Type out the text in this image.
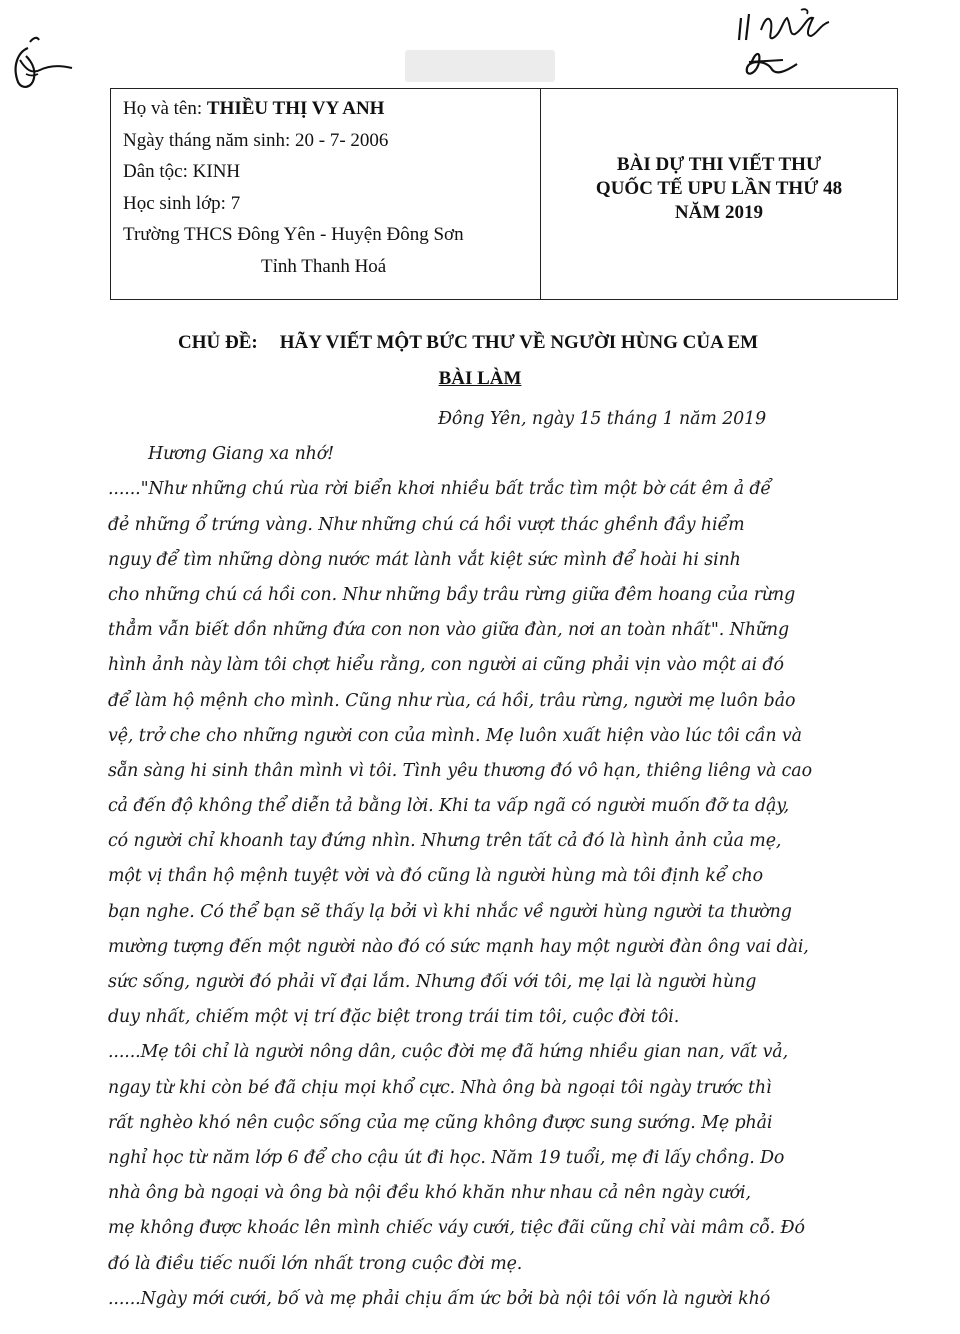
Họ và tên: THIỀU THỊ VY ANH
Ngày tháng năm sinh: 20 - 7- 2006
Dân tộc: KINH
Học sinh lớp: 7
Trường THCS Đông Yên - Huyện Đông Sơn
Tỉnh Thanh Hoá
BÀI DỰ THI VIẾT THƯ
QUỐC TẾ UPU LẦN THỨ 48
NĂM 2019
CHỦ ĐỀ: HÃY VIẾT MỘT BỨC THƯ VỀ NGƯỜI HÙNG CỦA EM
BÀI LÀM
Đông Yên, ngày 15 tháng 1 năm 2019
Hương Giang xa nhớ!
......"Như những chú rùa rời biển khơi nhiều bất trắc tìm một bờ cát êm ả để
đẻ những ổ trứng vàng. Như những chú cá hồi vượt thác ghềnh đầy hiểm
nguy để tìm những dòng nước mát lành vắt kiệt sức mình để hoài hi sinh
cho những chú cá hồi con. Như những bầy trâu rừng giữa đêm hoang của rừng
thẳm vẫn biết dồn những đứa con non vào giữa đàn, nơi an toàn nhất". Những
hình ảnh này làm tôi chợt hiểu rằng, con người ai cũng phải vịn vào một ai đó
để làm hộ mệnh cho mình. Cũng như rùa, cá hồi, trâu rừng, người mẹ luôn bảo
vệ, trở che cho những người con của mình. Mẹ luôn xuất hiện vào lúc tôi cần và
sẵn sàng hi sinh thân mình vì tôi. Tình yêu thương đó vô hạn, thiêng liêng và cao
cả đến độ không thể diễn tả bằng lời. Khi ta vấp ngã có người muốn đỡ ta dậy,
có người chỉ khoanh tay đứng nhìn. Nhưng trên tất cả đó là hình ảnh của mẹ,
một vị thần hộ mệnh tuyệt vời và đó cũng là người hùng mà tôi định kể cho
bạn nghe. Có thể bạn sẽ thấy lạ bởi vì khi nhắc về người hùng người ta thường
mường tượng đến một người nào đó có sức mạnh hay một người đàn ông vai dài,
sức sống, người đó phải vĩ đại lắm. Nhưng đối với tôi, mẹ lại là người hùng
duy nhất, chiếm một vị trí đặc biệt trong trái tim tôi, cuộc đời tôi.
......Mẹ tôi chỉ là người nông dân, cuộc đời mẹ đã hứng nhiều gian nan, vất vả,
ngay từ khi còn bé đã chịu mọi khổ cực. Nhà ông bà ngoại tôi ngày trước thì
rất nghèo khó nên cuộc sống của mẹ cũng không được sung sướng. Mẹ phải
nghỉ học từ năm lớp 6 để cho cậu út đi học. Năm 19 tuổi, mẹ đi lấy chồng. Do
nhà ông bà ngoại và ông bà nội đều khó khăn như nhau cả nên ngày cưới,
mẹ không được khoác lên mình chiếc váy cưới, tiệc đãi cũng chỉ vài mâm cỗ. Đó
đó là điều tiếc nuối lớn nhất trong cuộc đời mẹ.
......Ngày mới cưới, bố và mẹ phải chịu ấm ức bởi bà nội tôi vốn là người khó
